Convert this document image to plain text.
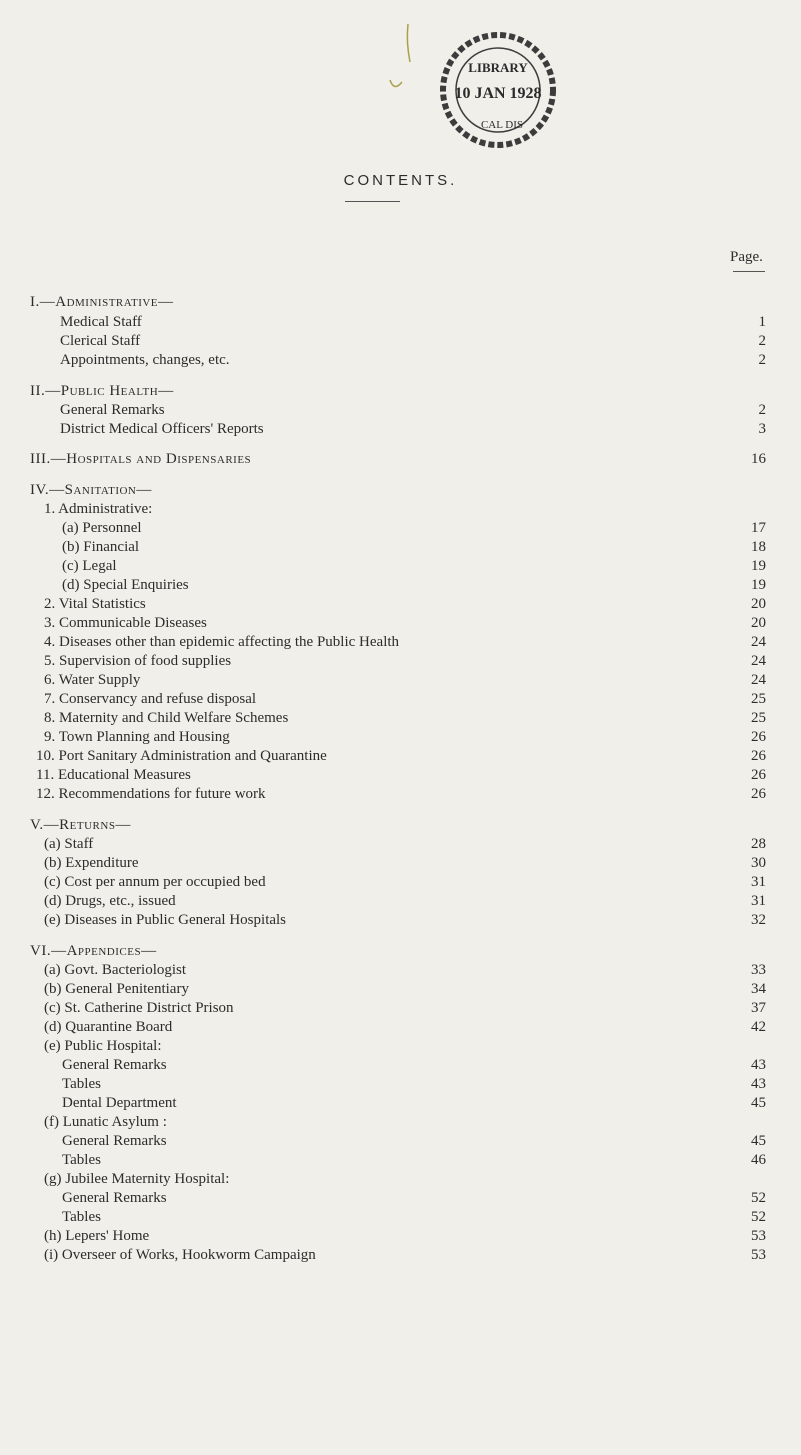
LIBRARY
10 JAN 1928
CAL DIS
CONTENTS.
Page.
I.—Administrative—
Medical Staff	1
Clerical Staff	2
Appointments, changes, etc.	2
II.—Public Health—
General Remarks	2
District Medical Officers' Reports	3
III.—Hospitals and Dispensaries	16
IV.—Sanitation—
1. Administrative:
(a) Personnel	17
(b) Financial	18
(c) Legal	19
(d) Special Enquiries	19
2. Vital Statistics	20
3. Communicable Diseases	20
4. Diseases other than epidemic affecting the Public Health	24
5. Supervision of food supplies	24
6. Water Supply	24
7. Conservancy and refuse disposal	25
8. Maternity and Child Welfare Schemes	25
9. Town Planning and Housing	26
10. Port Sanitary Administration and Quarantine	26
11. Educational Measures	26
12. Recommendations for future work	26
V.—Returns—
(a) Staff	28
(b) Expenditure	30
(c) Cost per annum per occupied bed	31
(d) Drugs, etc., issued	31
(e) Diseases in Public General Hospitals	32
VI.—Appendices—
(a) Govt. Bacteriologist	33
(b) General Penitentiary	34
(c) St. Catherine District Prison	37
(d) Quarantine Board	42
(e) Public Hospital:
General Remarks	43
Tables	43
Dental Department	45
(f) Lunatic Asylum :
General Remarks	45
Tables	46
(g) Jubilee Maternity Hospital:
General Remarks	52
Tables	52
(h) Lepers' Home	53
(i) Overseer of Works, Hookworm Campaign	53
